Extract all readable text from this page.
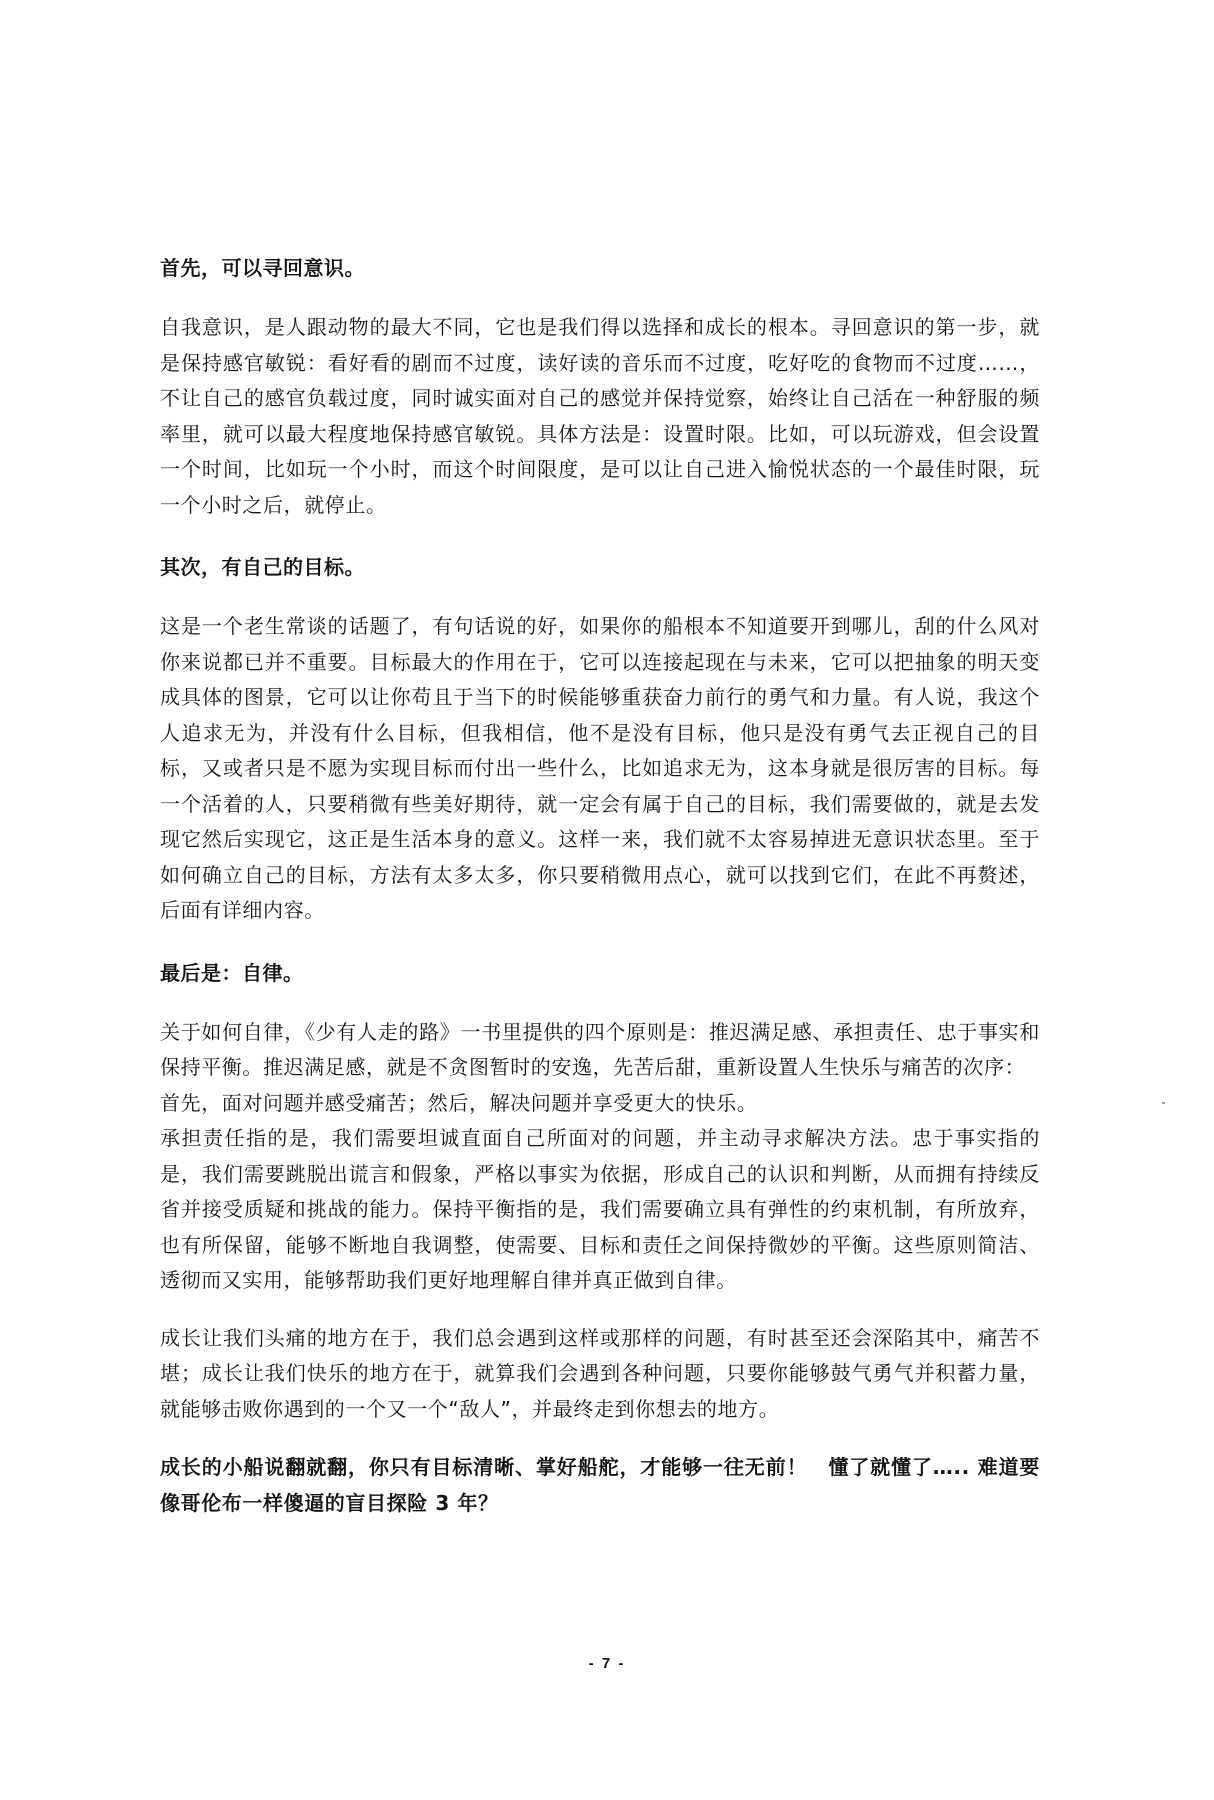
首先，可以寻回意识。

自我意识，是人跟动物的最大不同，它也是我们得以选择和成长的根本。寻回意识的第一步，就是保持感官敏锐：看好看的剧而不过度，读好读的音乐而不过度，吃好吃的食物而不过度……，不让自己的感官负载过度，同时诚实面对自己的感觉并保持觉察，始终让自己活在一种舒服的频率里，就可以最大程度地保持感官敏锐。具体方法是：设置时限。比如，可以玩游戏，但会设置一个时间，比如玩一个小时，而这个时间限度，是可以让自己进入愉悦状态的一个最佳时限，玩一个小时之后，就停止。

其次，有自己的目标。

这是一个老生常谈的话题了，有句话说的好，如果你的船根本不知道要开到哪儿，刮的什么风对你来说都已并不重要。目标最大的作用在于，它可以连接起现在与未来，它可以把抽象的明天变成具体的图景，它可以让你苟且于当下的时候能够重获奋力前行的勇气和力量。有人说，我这个人追求无为，并没有什么目标，但我相信，他不是没有目标，他只是没有勇气去正视自己的目标，又或者只是不愿为实现目标而付出一些什么，比如追求无为，这本身就是很厉害的目标。每一个活着的人，只要稍微有些美好期待，就一定会有属于自己的目标，我们需要做的，就是去发现它然后实现它，这正是生活本身的意义。这样一来，我们就不太容易掉进无意识状态里。至于如何确立自己的目标，方法有太多太多，你只要稍微用点心，就可以找到它们，在此不再赘述，后面有详细内容。

最后是：自律。

关于如何自律，《少有人走的路》一书里提供的四个原则是：推迟满足感、承担责任、忠于事实和保持平衡。推迟满足感，就是不贪图暂时的安逸，先苦后甜，重新设置人生快乐与痛苦的次序：

首先，面对问题并感受痛苦；然后，解决问题并享受更大的快乐。

承担责任指的是，我们需要坦诚直面自己所面对的问题，并主动寻求解决方法。忠于事实指的是，我们需要跳脱出谎言和假象，严格以事实为依据，形成自己的认识和判断，从而拥有持续反省并接受质疑和挑战的能力。保持平衡指的是，我们需要确立具有弹性的约束机制，有所放弃，也有所保留，能够不断地自我调整，使需要、目标和责任之间保持微妙的平衡。这些原则简洁、透彻而又实用，能够帮助我们更好地理解自律并真正做到自律。

成长让我们头痛的地方在于，我们总会遇到这样或那样的问题，有时甚至还会深陷其中，痛苦不堪；成长让我们快乐的地方在于，就算我们会遇到各种问题，只要你能够鼓气勇气并积蓄力量，就能够击败你遇到的一个又一个“敌人”，并最终走到你想去的地方。

成长的小船说翻就翻，你只有目标清晰、掌好船舵，才能够一往无前！　懂了就懂了….. 难道要像哥伦布一样傻逼的盲目探险 3 年？

- 7 -
